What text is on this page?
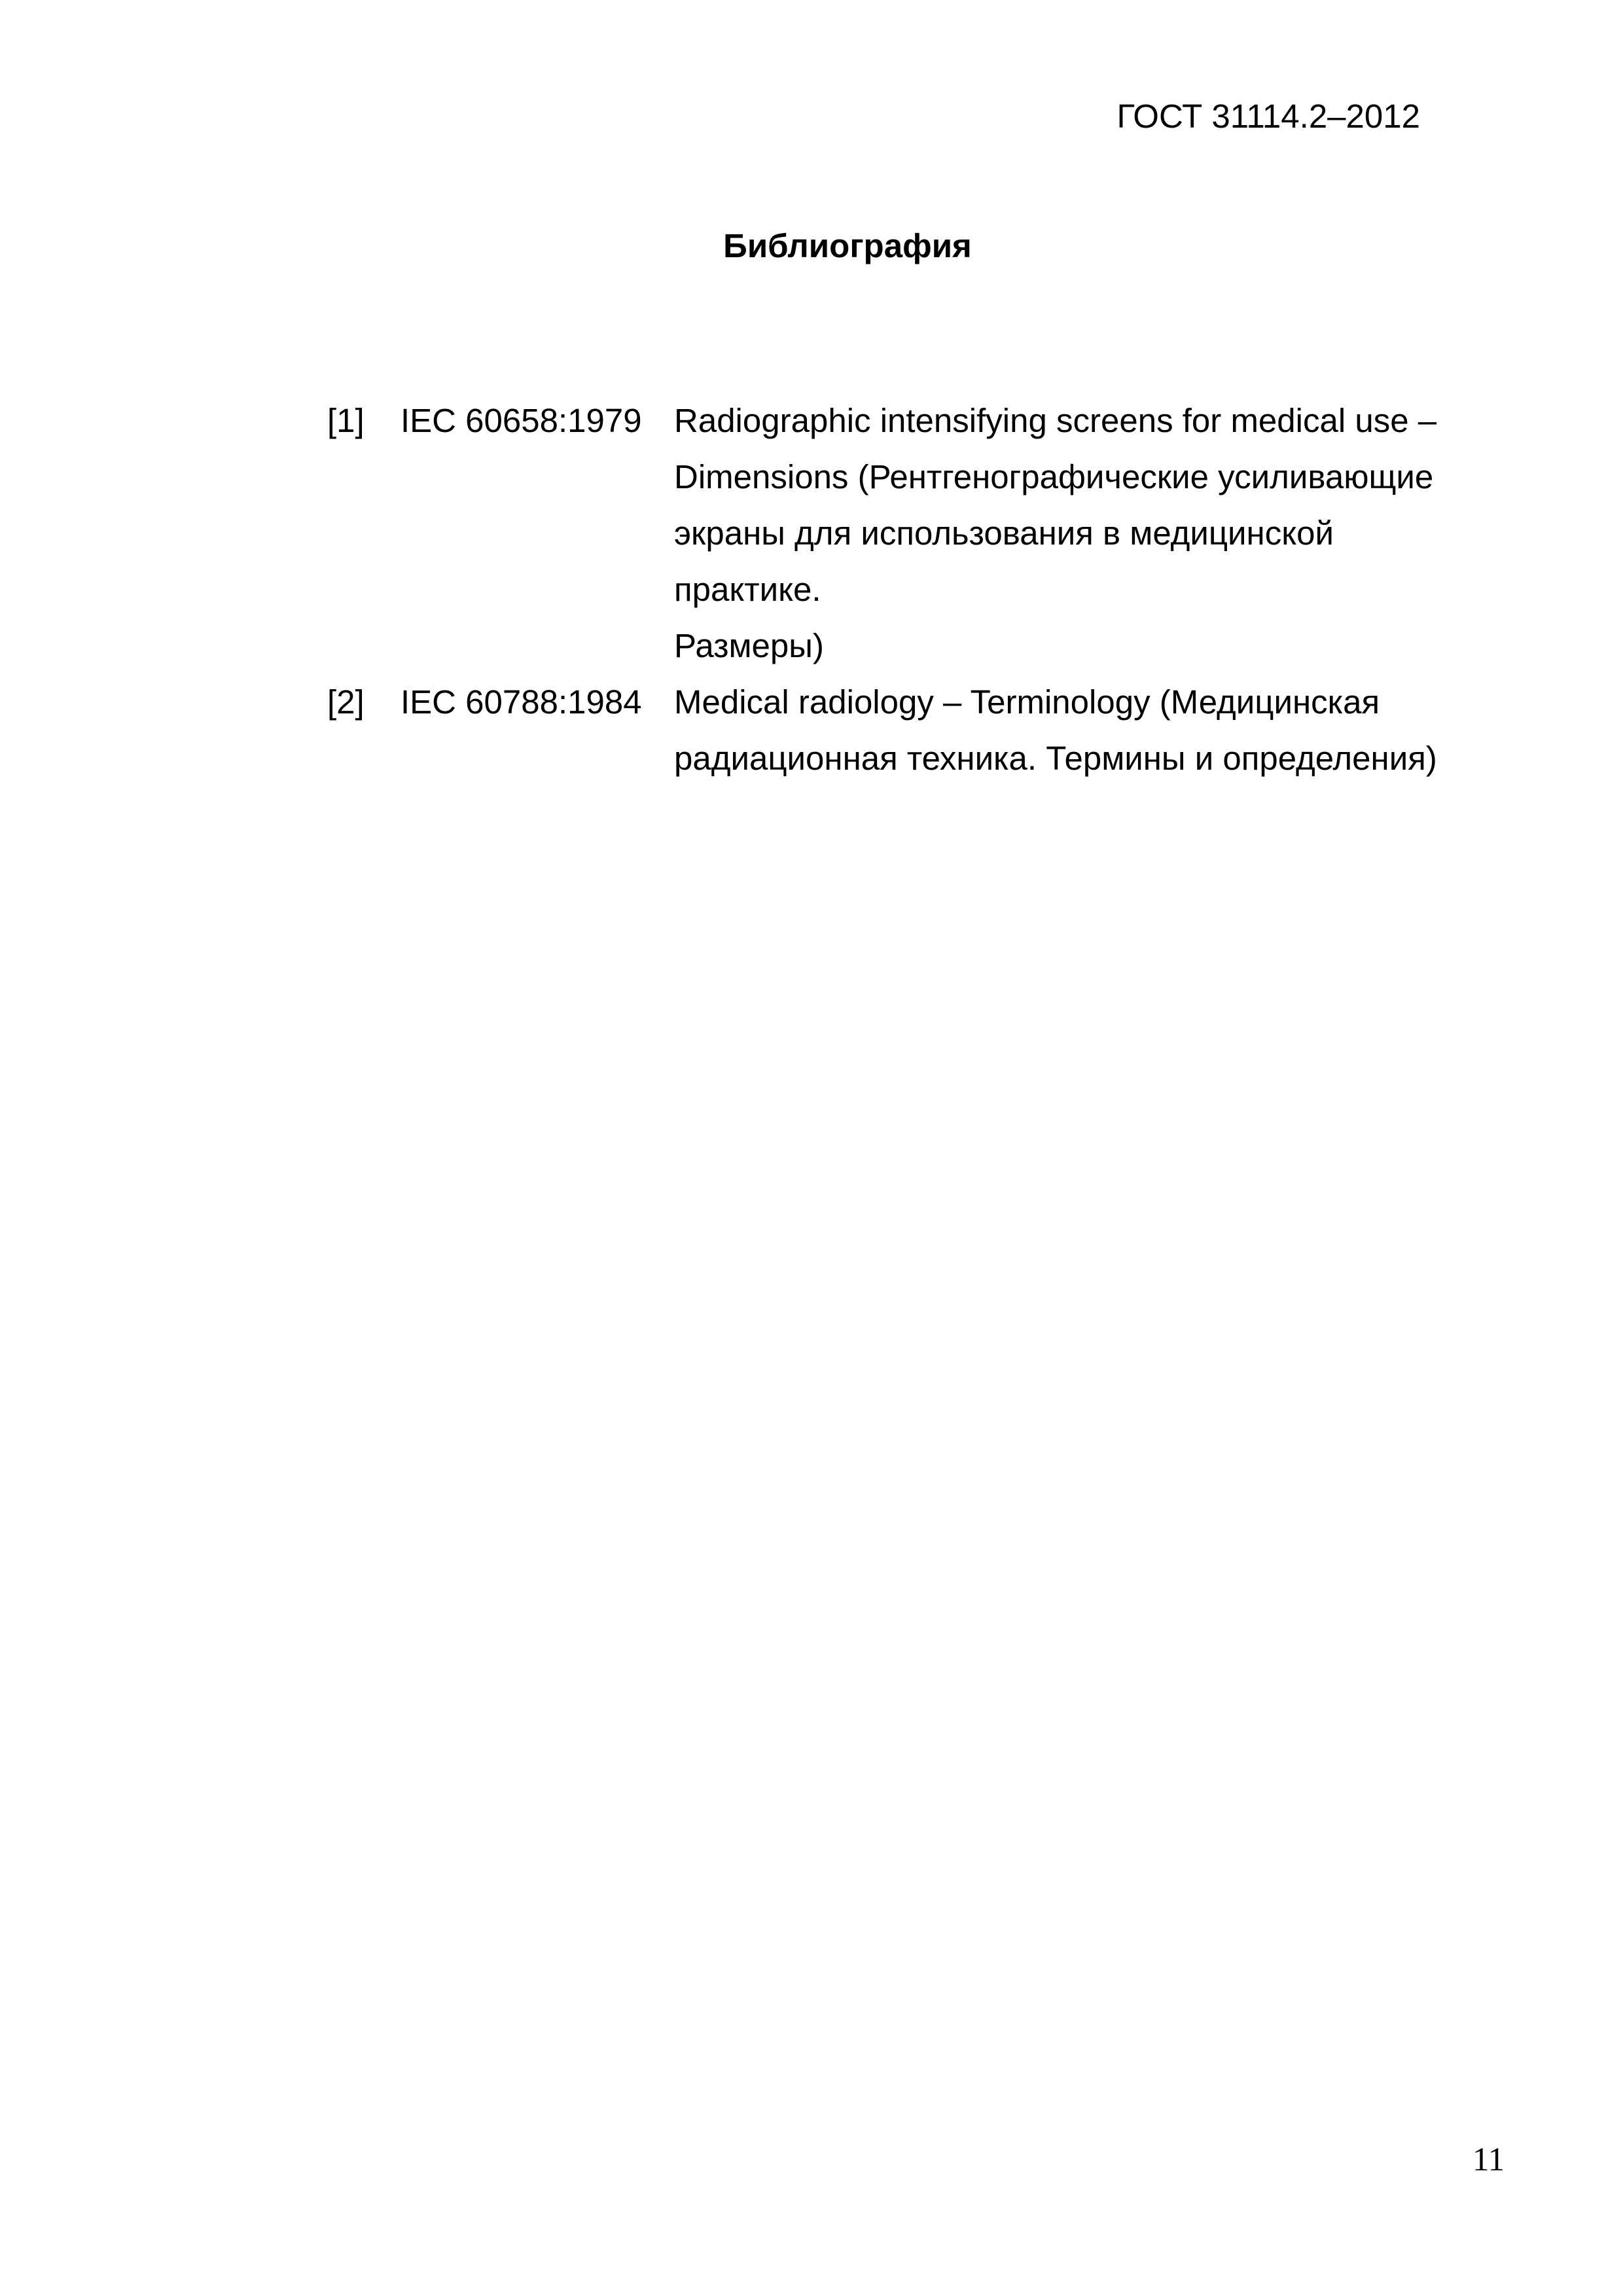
ГОСТ 31114.2–2012
Библиография
[1] IEC 60658:1979 Radiographic intensifying screens for medical use –
Dimensions (Рентгенографические усиливающие
экраны для использования в медицинской практике.
Размеры)
[2] IEC 60788:1984 Medical radiology – Terminology (Медицинская
радиационная техника. Термины и определения)
11
